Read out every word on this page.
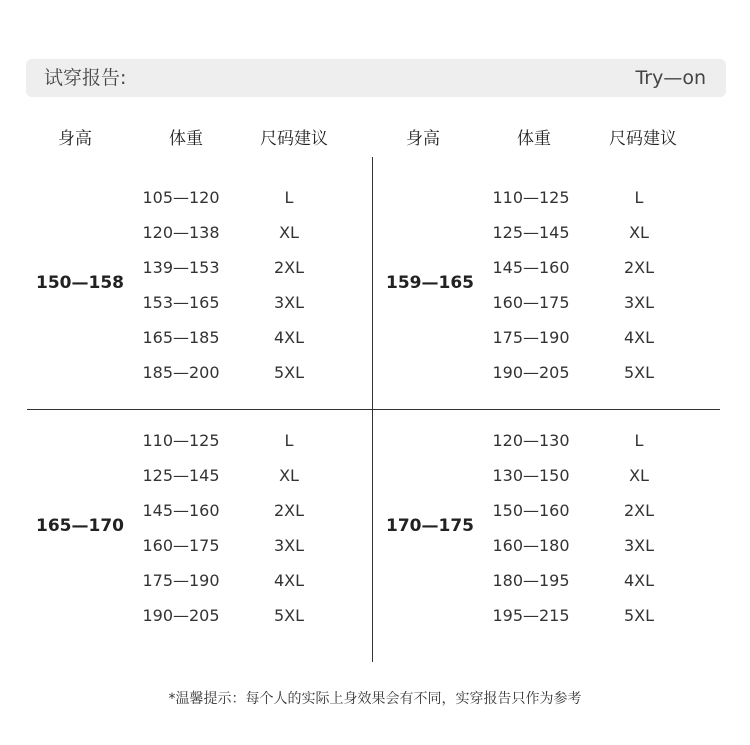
试穿报告:	Try—on
身高	体重	尺码建议	身高	体重	尺码建议
150—158
105—120	L
120—138	XL
139—153	2XL
153—165	3XL
165—185	4XL
185—200	5XL
159—165
110—125	L
125—145	XL
145—160	2XL
160—175	3XL
175—190	4XL
190—205	5XL
165—170
110—125	L
125—145	XL
145—160	2XL
160—175	3XL
175—190	4XL
190—205	5XL
170—175
120—130	L
130—150	XL
150—160	2XL
160—180	3XL
180—195	4XL
195—215	5XL
*温馨提示：每个人的实际上身效果会有不同，实穿报告只作为参考
